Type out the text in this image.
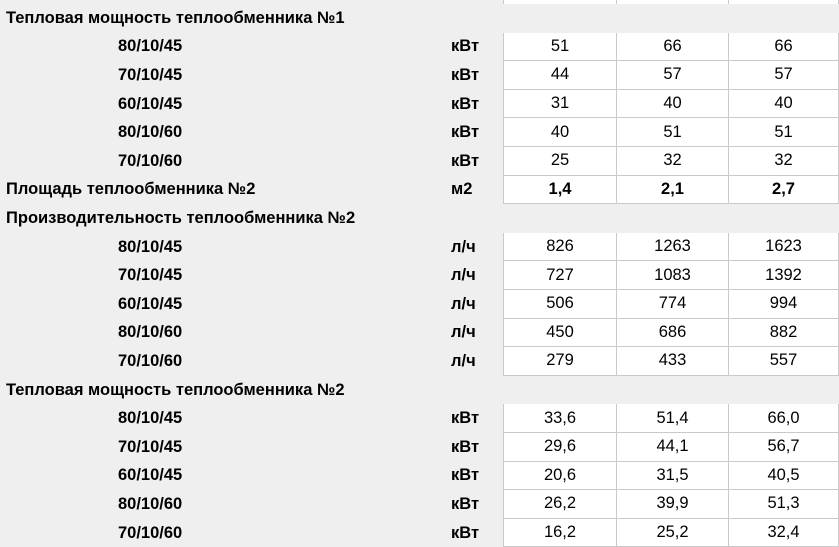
Тепловая мощность теплообменника №1
80/10/45	кВт	51	66	66
70/10/45	кВт	44	57	57
60/10/45	кВт	31	40	40
80/10/60	кВт	40	51	51
70/10/60	кВт	25	32	32
Площадь теплообменника №2	м2	1,4	2,1	2,7
Производительность теплообменника №2
80/10/45	л/ч	826	1263	1623
70/10/45	л/ч	727	1083	1392
60/10/45	л/ч	506	774	994
80/10/60	л/ч	450	686	882
70/10/60	л/ч	279	433	557
Тепловая мощность теплообменника №2
80/10/45	кВт	33,6	51,4	66,0
70/10/45	кВт	29,6	44,1	56,7
60/10/45	кВт	20,6	31,5	40,5
80/10/60	кВт	26,2	39,9	51,3
70/10/60	кВт	16,2	25,2	32,4
